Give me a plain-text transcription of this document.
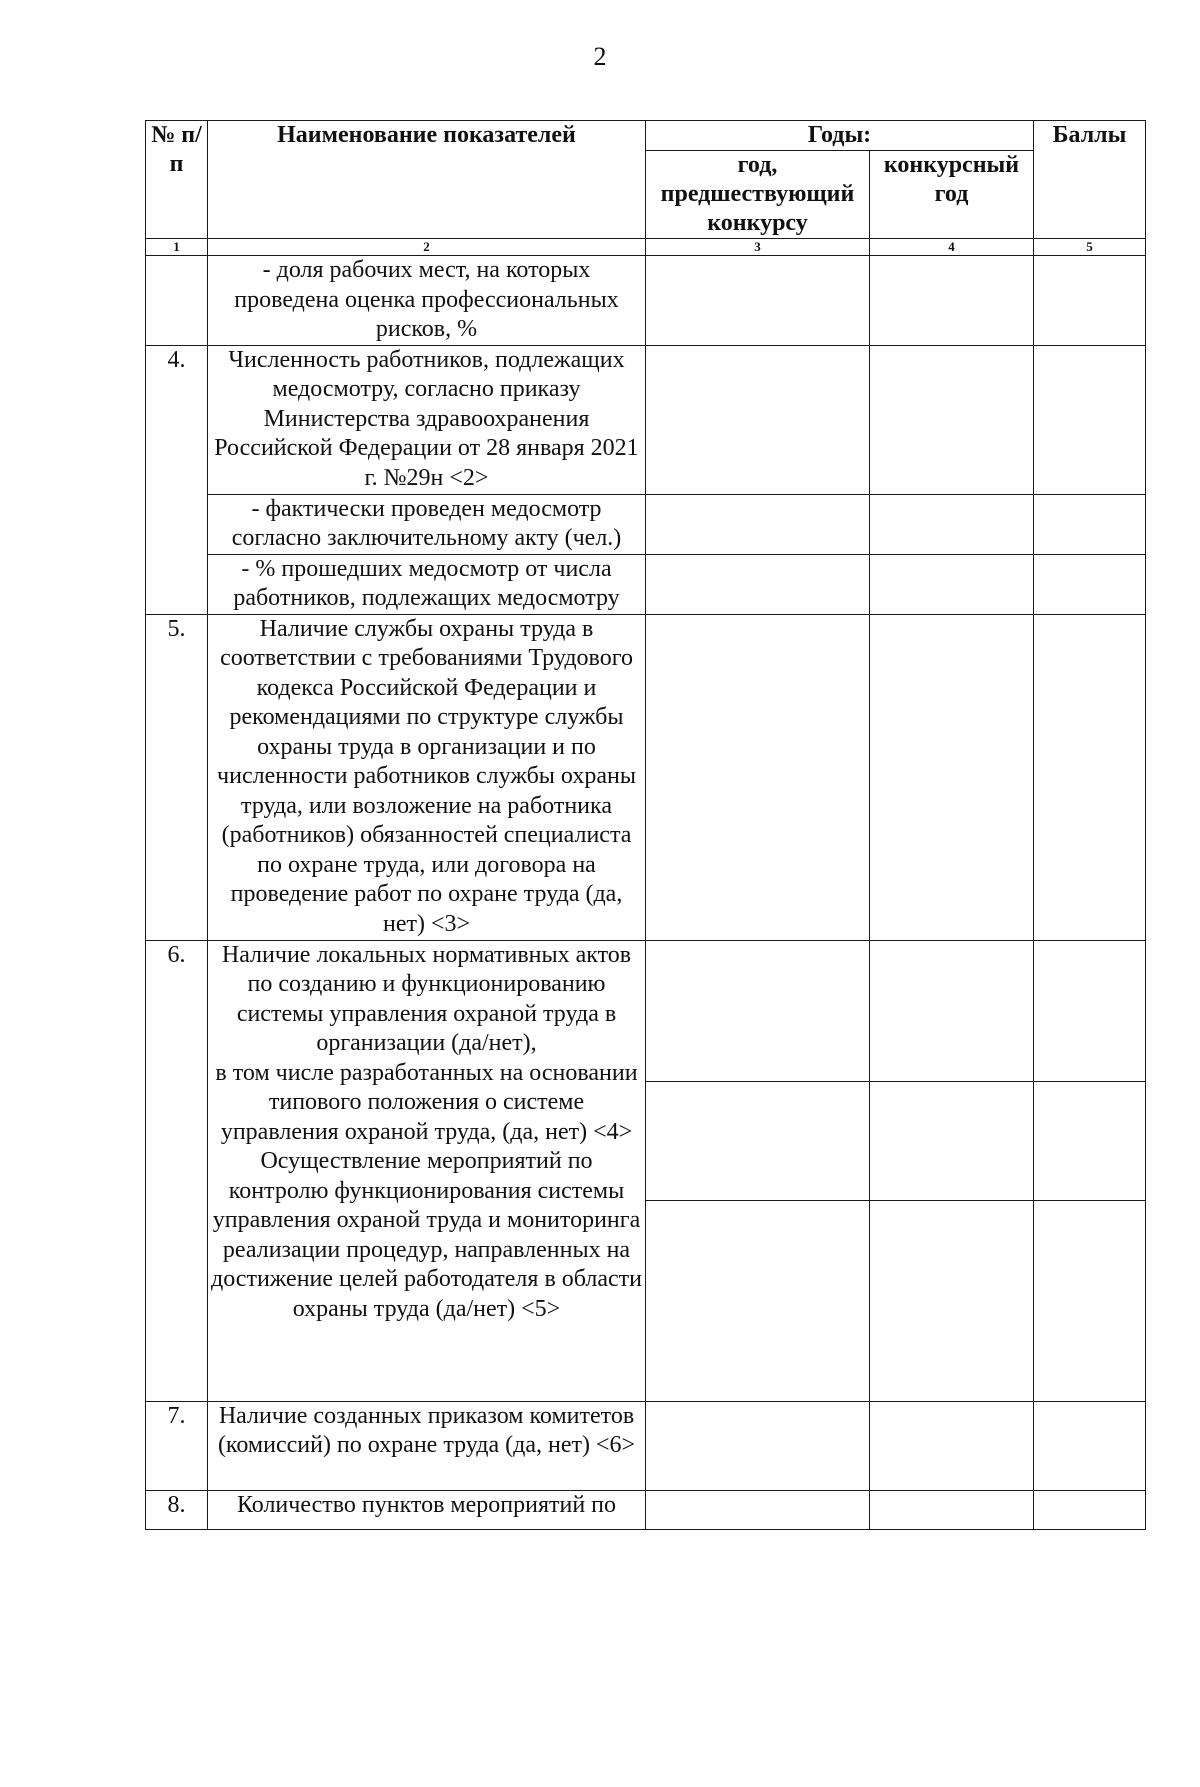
2
№ п/п	Наименование показателей	Годы:		Баллы
		год, предшествующий конкурсу	конкурсный год	
1	2	3	4	5
	- доля рабочих мест, на которых проведена оценка профессиональных рисков, %			
4.	Численность работников, подлежащих медосмотру, согласно приказу Министерства здравоохранения Российской Федерации от 28 января 2021 г. №29н <2>			
	- фактически проведен медосмотр согласно заключительному акту (чел.)			
	- % прошедших медосмотр от числа работников, подлежащих медосмотру			
5.	Наличие службы охраны труда в соответствии с требованиями Трудового кодекса Российской Федерации и рекомендациями по структуре службы охраны труда в организации и по численности работников службы охраны труда, или возложение на работника (работников) обязанностей специалиста по охране труда, или договора на проведение работ по охране труда (да, нет) <3>			
6.	Наличие локальных нормативных актов по созданию и функционированию системы управления охраной труда в организации (да/нет),
в том числе разработанных на основании типового положения о системе управления охраной труда, (да, нет) <4>
Осуществление мероприятий по контролю функционирования системы управления охраной труда и мониторинга реализации процедур, направленных на достижение целей работодателя в области охраны труда (да/нет) <5>			

7.	Наличие созданных приказом комитетов (комиссий) по охране труда (да, нет) <6>			
8.	Количество пунктов мероприятий по			
